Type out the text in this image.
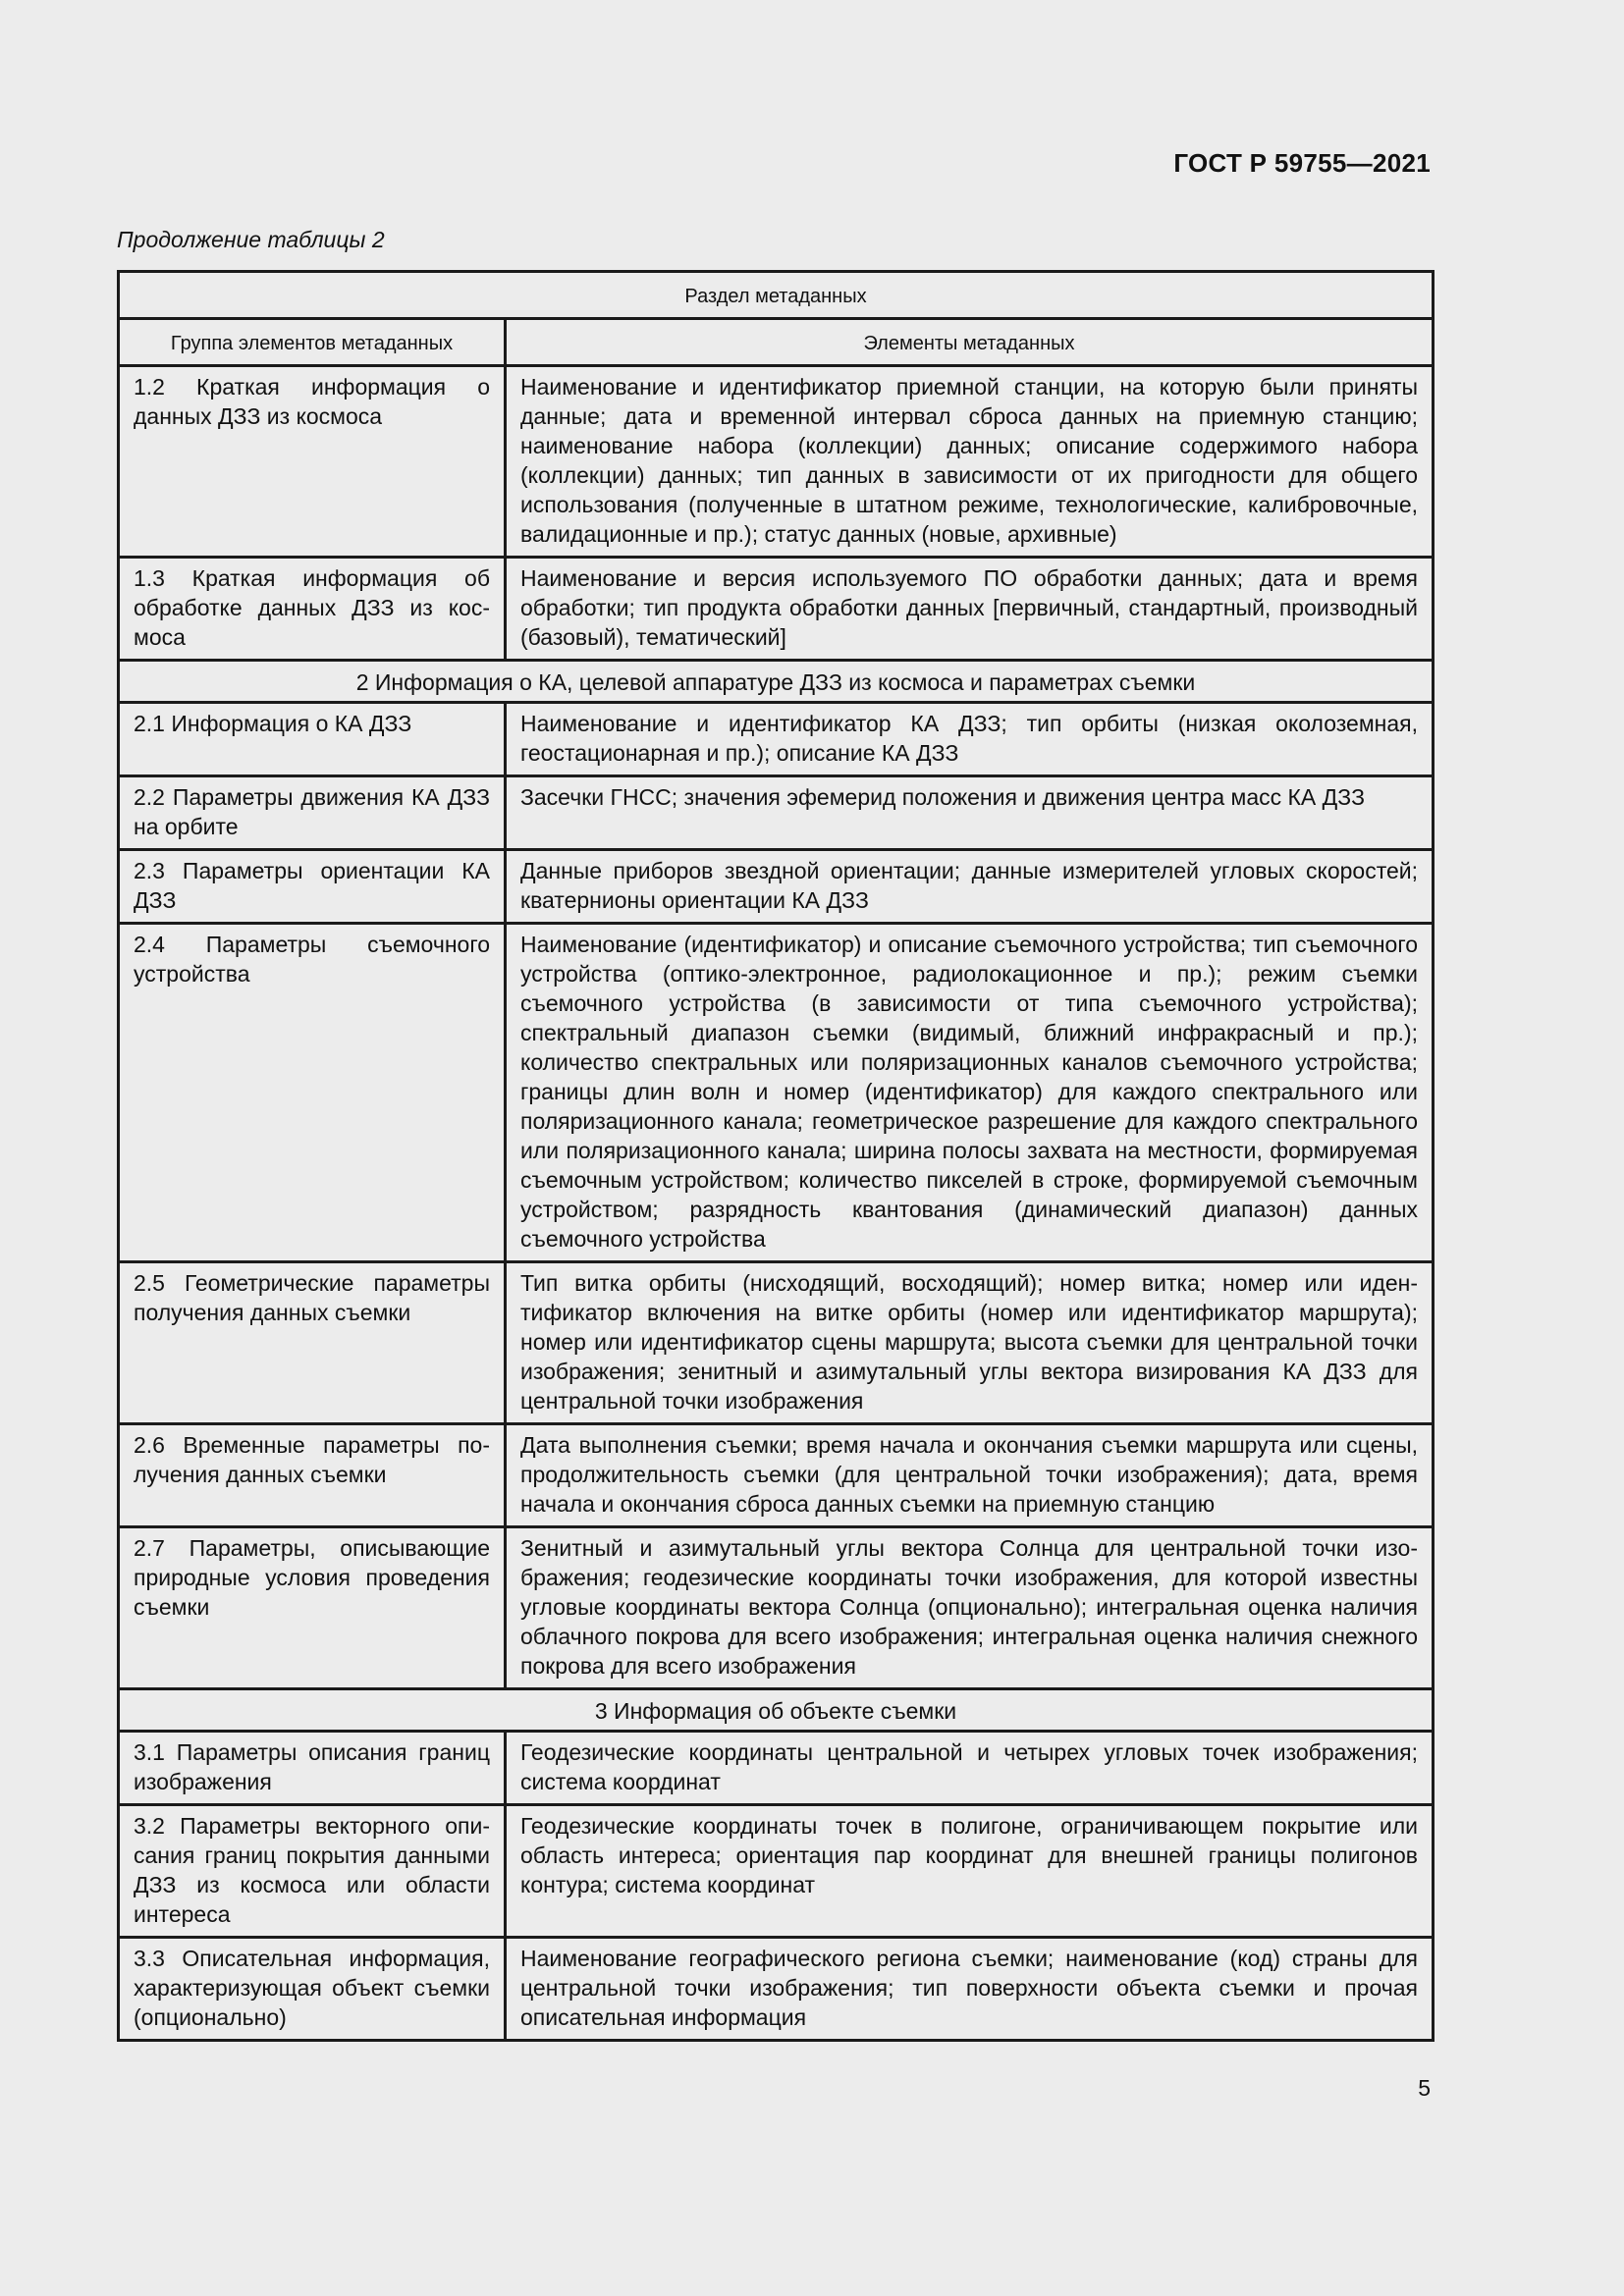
ГОСТ Р 59755—2021
Продолжение таблицы 2
Раздел метаданных	
Группа элементов метаданных	Элементы метаданных
1.2 Краткая информация о данных ДЗЗ из космоса	Наименование и идентификатор приемной станции, на которую были приняты данные; дата и временной интервал сброса данных на приемную станцию; наименование набора (коллекции) данных; описание содержимого набора (коллекции) данных; тип данных в зависимости от их пригодности для общего использования (полученные в штатном режиме, технологические, калибровочные, валидационные и пр.); статус данных (новые, архивные)
1.3 Краткая информация об обработке данных ДЗЗ из космоса	Наименование и версия используемого ПО обработки данных; дата и время обработки; тип продукта обработки данных [первичный, стандартный, производный (базовый), тематический]
2 Информация о КА, целевой аппаратуре ДЗЗ из космоса и параметрах съемки	
2.1 Информация о КА ДЗЗ	Наименование и идентификатор КА ДЗЗ; тип орбиты (низкая околоземная, геостационарная и пр.); описание КА ДЗЗ
2.2 Параметры движения КА ДЗЗ на орбите	Засечки ГНСС; значения эфемерид положения и движения центра масс КА ДЗЗ
2.3 Параметры ориентации КА ДЗЗ	Данные приборов звездной ориентации; данные измерителей угловых скоростей; кватернионы ориентации КА ДЗЗ
2.4 Параметры съемочного устройства	Наименование (идентификатор) и описание съемочного устройства; тип съемочного устройства (оптико-электронное, радиолокационное и пр.); режим съемки съемочного устройства (в зависимости от типа съемочного устройства); спектральный диапазон съемки (видимый, ближний инфракрасный и пр.); количество спектральных или поляризационных каналов съемочного устройства; границы длин волн и номер (идентификатор) для каждого спектрального или поляризационного канала; геометрическое разрешение для каждого спектрального или поляризационного канала; ширина полосы захвата на местности, формируемая съемочным устройством; количество пикселей в строке, формируемой съемочным устройством; разрядность квантования (динамический диапазон) данных съемочного устройства
2.5 Геометрические параметры получения данных съемки	Тип витка орбиты (нисходящий, восходящий); номер витка; номер или идентификатор включения на витке орбиты (номер или идентификатор маршрута); номер или идентификатор сцены маршрута; высота съемки для центральной точки изображения; зенитный и азимутальный углы вектора визирования КА ДЗЗ для центральной точки изображения
2.6 Временные параметры получения данных съемки	Дата выполнения съемки; время начала и окончания съемки маршрута или сцены, продолжительность съемки (для центральной точки изображения); дата, время начала и окончания сброса данных съемки на приемную станцию
2.7 Параметры, описывающие природные условия проведения съемки	Зенитный и азимутальный углы вектора Солнца для центральной точки изображения; геодезические координаты точки изображения, для которой известны угловые координаты вектора Солнца (опционально); интегральная оценка наличия облачного покрова для всего изображения; интегральная оценка наличия снежного покрова для всего изображения
3 Информация об объекте съемки	
3.1 Параметры описания границ изображения	Геодезические координаты центральной и четырех угловых точек изображения; система координат
3.2 Параметры векторного описания границ покрытия данными ДЗЗ из космоса или области интереса	Геодезические координаты точек в полигоне, ограничивающем покрытие или область интереса; ориентация пар координат для внешней границы полигонов контура; система координат
3.3 Описательная информация, характеризующая объект съемки (опционально)	Наименование географического региона съемки; наименование (код) страны для центральной точки изображения; тип поверхности объекта съемки и прочая описательная информация
5
